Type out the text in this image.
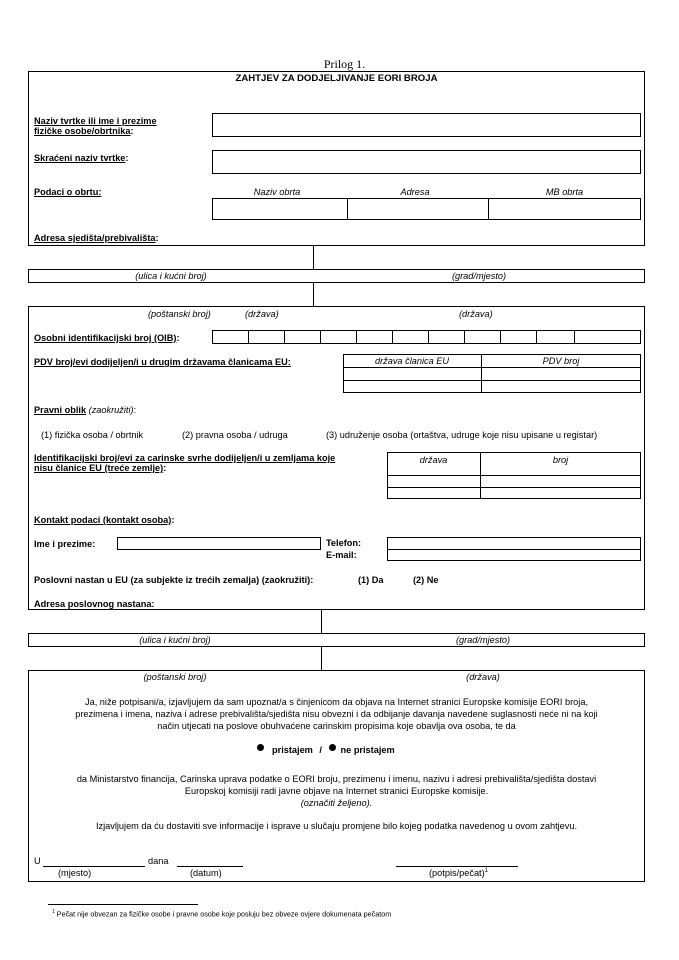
Prilog 1.
ZAHTJEV ZA DODJELJIVANJE EORI BROJA
Naziv tvrtke ili ime i prezime
fizičke osobe/obrtnika:
Skraćeni naziv tvrtke:
Podaci o obrtu:	Naziv obrta	Adresa	MB obrta
Adresa sjedišta/prebivališta:
(ulica i kućni broj)	(grad/mjesto)
(poštanski broj)	(država)	(država)
Osobni identifikacijski broj (OIB):
PDV broj/evi dodijeljen/i u drugim državama članicama EU:	država članica EU	PDV broj
Pravni oblik (zaokružiti):
(1) fizička osoba / obrtnik	(2) pravna osoba / udruga	(3) udruženje osoba (ortaštva, udruge koje nisu upisane u registar)
Identifikacijski broj/evi za carinske svrhe dodijeljen/i u zemljama koje
nisu članice EU (treće zemlje):
država	broj
Kontakt podaci (kontakt osoba):
Ime i prezime:	Telefon:
E-mail:
Poslovni nastan u EU (za subjekte iz trećih zemalja) (zaokružiti):	(1) Da	(2) Ne
Adresa poslovnog nastana:
(ulica i kućni broj)	(grad/mjesto)
(poštanski broj)	(država)
Ja, niže potpisani/a, izjavljujem da sam upoznat/a s činjenicom da objava na Internet stranici Europske komisije EORI broja,
prezimena i imena, naziva i adrese prebivališta/sjedišta nisu obvezni i da odbijanje davanja navedene suglasnosti neće ni na koji
način utjecati na poslove obuhvaćene carinskim propisima koje obavlja ova osoba, te da
pristajem / ne pristajem
da Ministarstvo financija, Carinska uprava podatke o EORI broju, prezimenu i imenu, nazivu i adresi prebivališta/sjedišta dostavi
Europskoj komisiji radi javne objave na Internet stranici Europske komisije.
(označiti željeno).
Izjavljujem da ću dostaviti sve informacije i isprave u slučaju promjene bilo kojeg podatka navedenog u ovom zahtjevu.
U	dana
(mjesto)	(datum)	(potpis/pečat)$^1$
$^1$ Pečat nije obvezan za fizičke osobe i pravne osobe koje posluju bez obveze ovjere dokumenata pečatom
